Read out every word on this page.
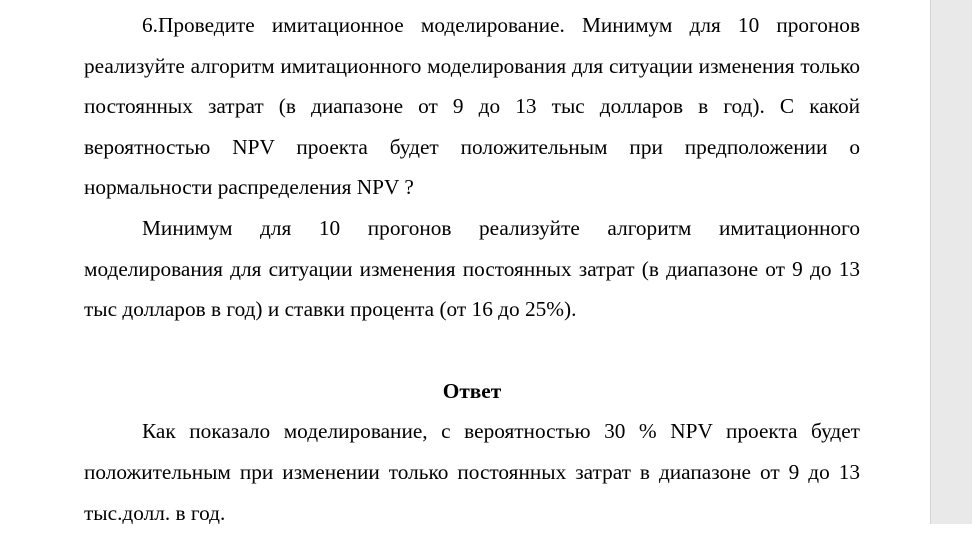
6.Проведите имитационное моделирование. Минимум для 10 прогонов реализуйте алгоритм имитационного моделирования для ситуации изменения только постоянных затрат (в диапазоне от 9 до 13 тыс долларов в год). С какой вероятностью NPV проекта будет положительным при предположении о нормальности распределения NPV ?

Минимум для 10 прогонов реализуйте алгоритм имитационного моделирования для ситуации изменения постоянных затрат (в диапазоне от 9 до 13 тыс долларов в год) и ставки процента (от 16 до 25%).

Ответ

Как показало моделирование, с вероятностью 30 % NPV проекта будет положительным при изменении только постоянных затрат в диапазоне от 9 до 13 тыс.долл. в год.
